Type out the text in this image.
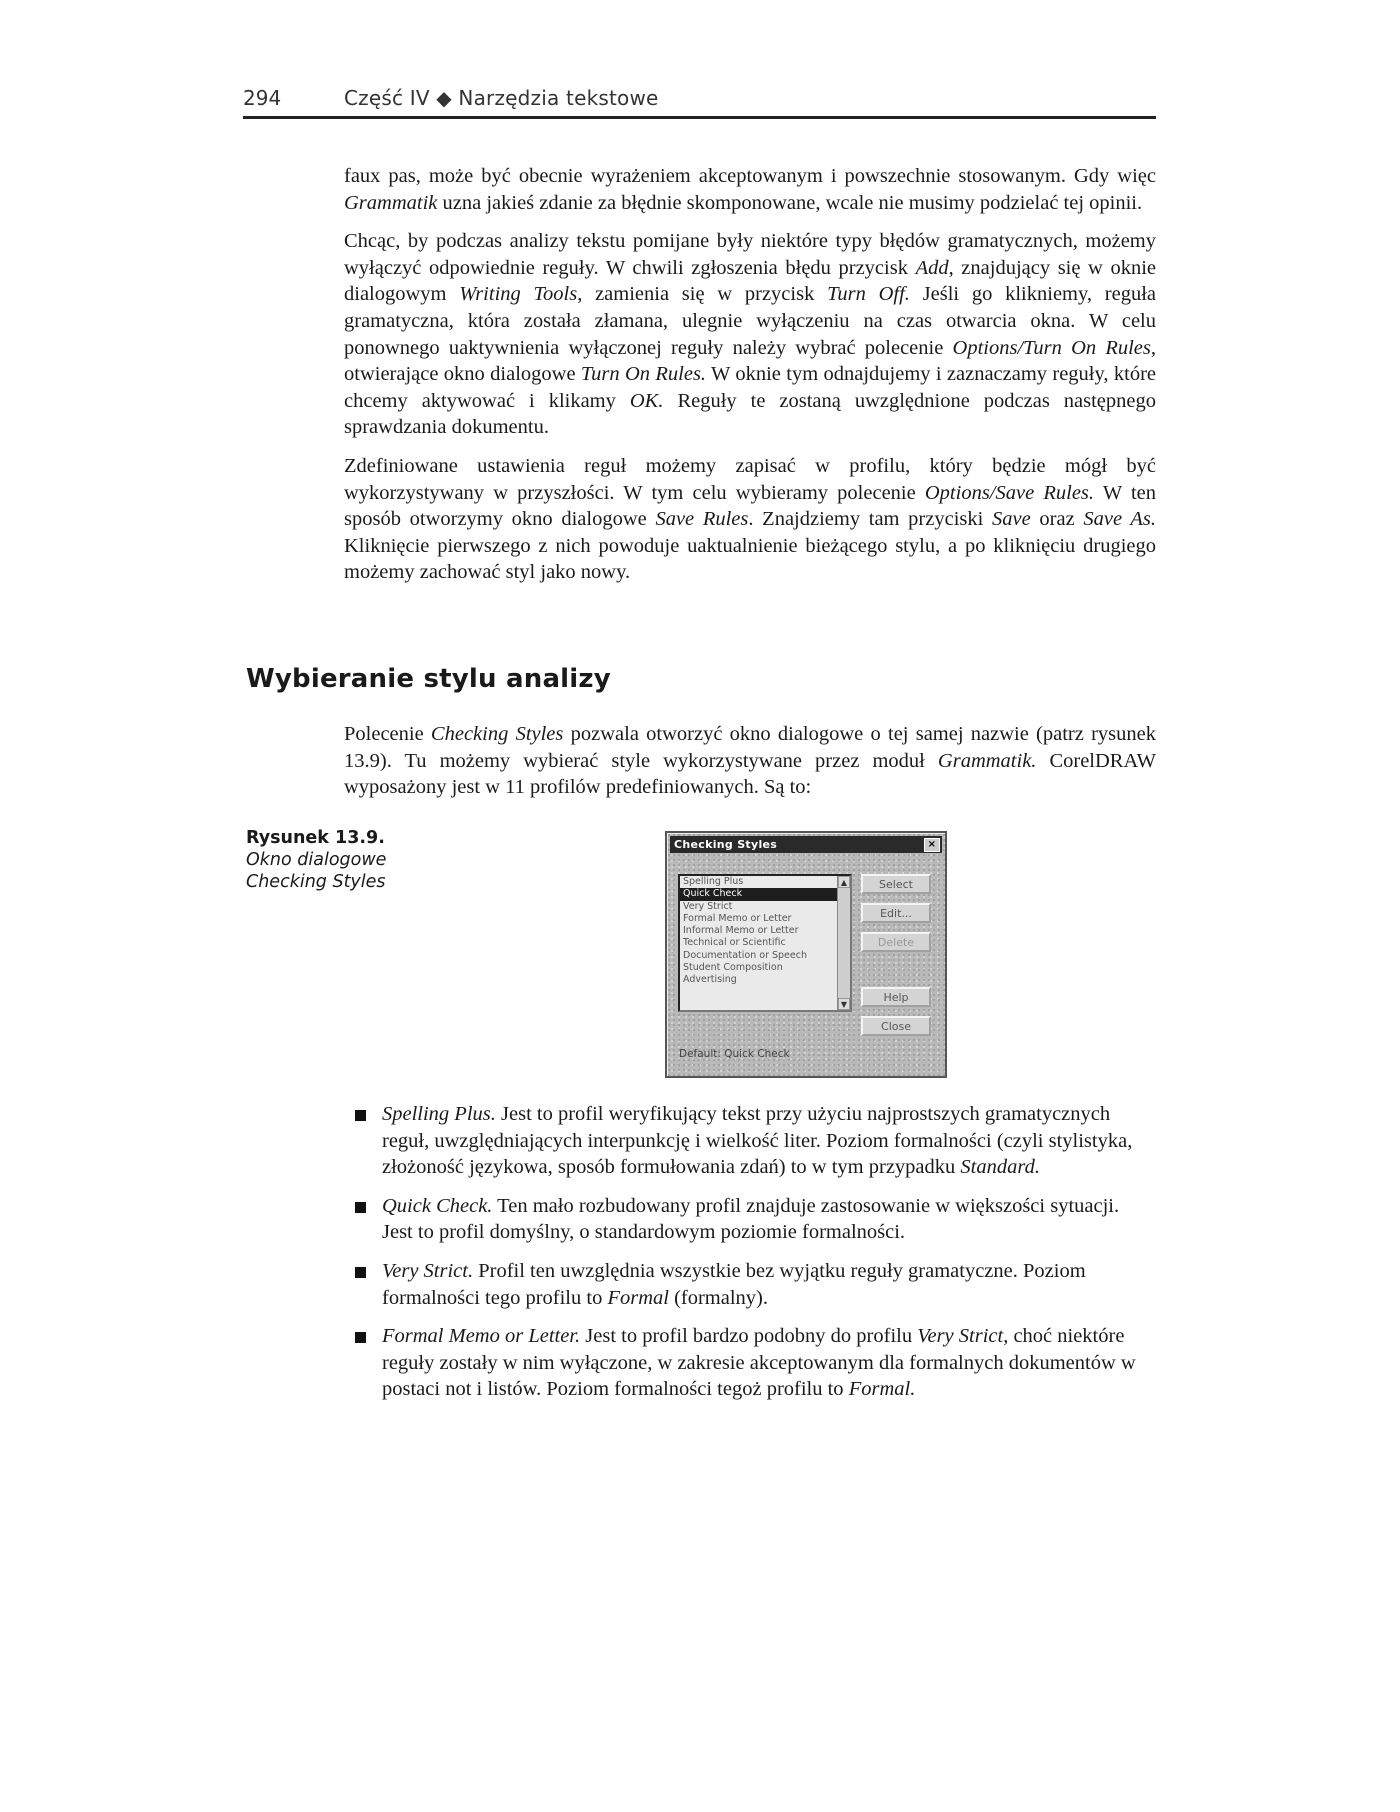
294	Część IV ◆ Narzędzia tekstowe

faux pas, może być obecnie wyrażeniem akceptowanym i powszechnie stosowanym. Gdy więc Grammatik uzna jakieś zdanie za błędnie skomponowane, wcale nie musimy podzielać tej opinii.

Chcąc, by podczas analizy tekstu pomijane były niektóre typy błędów gramatycznych, możemy wyłączyć odpowiednie reguły. W chwili zgłoszenia błędu przycisk Add, znajdujący się w oknie dialogowym Writing Tools, zamienia się w przycisk Turn Off. Jeśli go klikniemy, reguła gramatyczna, która została złamana, ulegnie wyłączeniu na czas otwarcia okna. W celu ponownego uaktywnienia wyłączonej reguły należy wybrać polecenie Options/Turn On Rules, otwierające okno dialogowe Turn On Rules. W oknie tym odnajdujemy i zaznaczamy reguły, które chcemy aktywować i klikamy OK. Reguły te zostaną uwzględnione podczas następnego sprawdzania dokumentu.

Zdefiniowane ustawienia reguł możemy zapisać w profilu, który będzie mógł być wykorzystywany w przyszłości. W tym celu wybieramy polecenie Options/Save Rules. W ten sposób otworzymy okno dialogowe Save Rules. Znajdziemy tam przyciski Save oraz Save As. Kliknięcie pierwszego z nich powoduje uaktualnienie bieżącego stylu, a po kliknięciu drugiego możemy zachować styl jako nowy.

Wybieranie stylu analizy

Polecenie Checking Styles pozwala otworzyć okno dialogowe o tej samej nazwie (patrz rysunek 13.9). Tu możemy wybierać style wykorzystywane przez moduł Grammatik. CorelDRAW wyposażony jest w 11 profilów predefiniowanych. Są to:

Rysunek 13.9.
Okno dialogowe
Checking Styles
Checking Styles	×
Spelling Plus
Quick Check
Very Strict
Formal Memo or Letter
Informal Memo or Letter
Technical or Scientific
Documentation or Speech
Student Composition
Advertising
▲
▼
Select
Edit...
Delete
Help
Close
Default: Quick Check
Spelling Plus. Jest to profil weryfikujący tekst przy użyciu najprostszych gramatycznych reguł, uwzględniających interpunkcję i wielkość liter. Poziom formalności (czyli stylistyka, złożoność językowa, sposób formułowania zdań) to w tym przypadku Standard.
Quick Check. Ten mało rozbudowany profil znajduje zastosowanie w większości sytuacji. Jest to profil domyślny, o standardowym poziomie formalności.
Very Strict. Profil ten uwzględnia wszystkie bez wyjątku reguły gramatyczne. Poziom formalności tego profilu to Formal (formalny).
Formal Memo or Letter. Jest to profil bardzo podobny do profilu Very Strict, choć niektóre reguły zostały w nim wyłączone, w zakresie akceptowanym dla formalnych dokumentów w postaci not i listów. Poziom formalności tegoż profilu to Formal.
